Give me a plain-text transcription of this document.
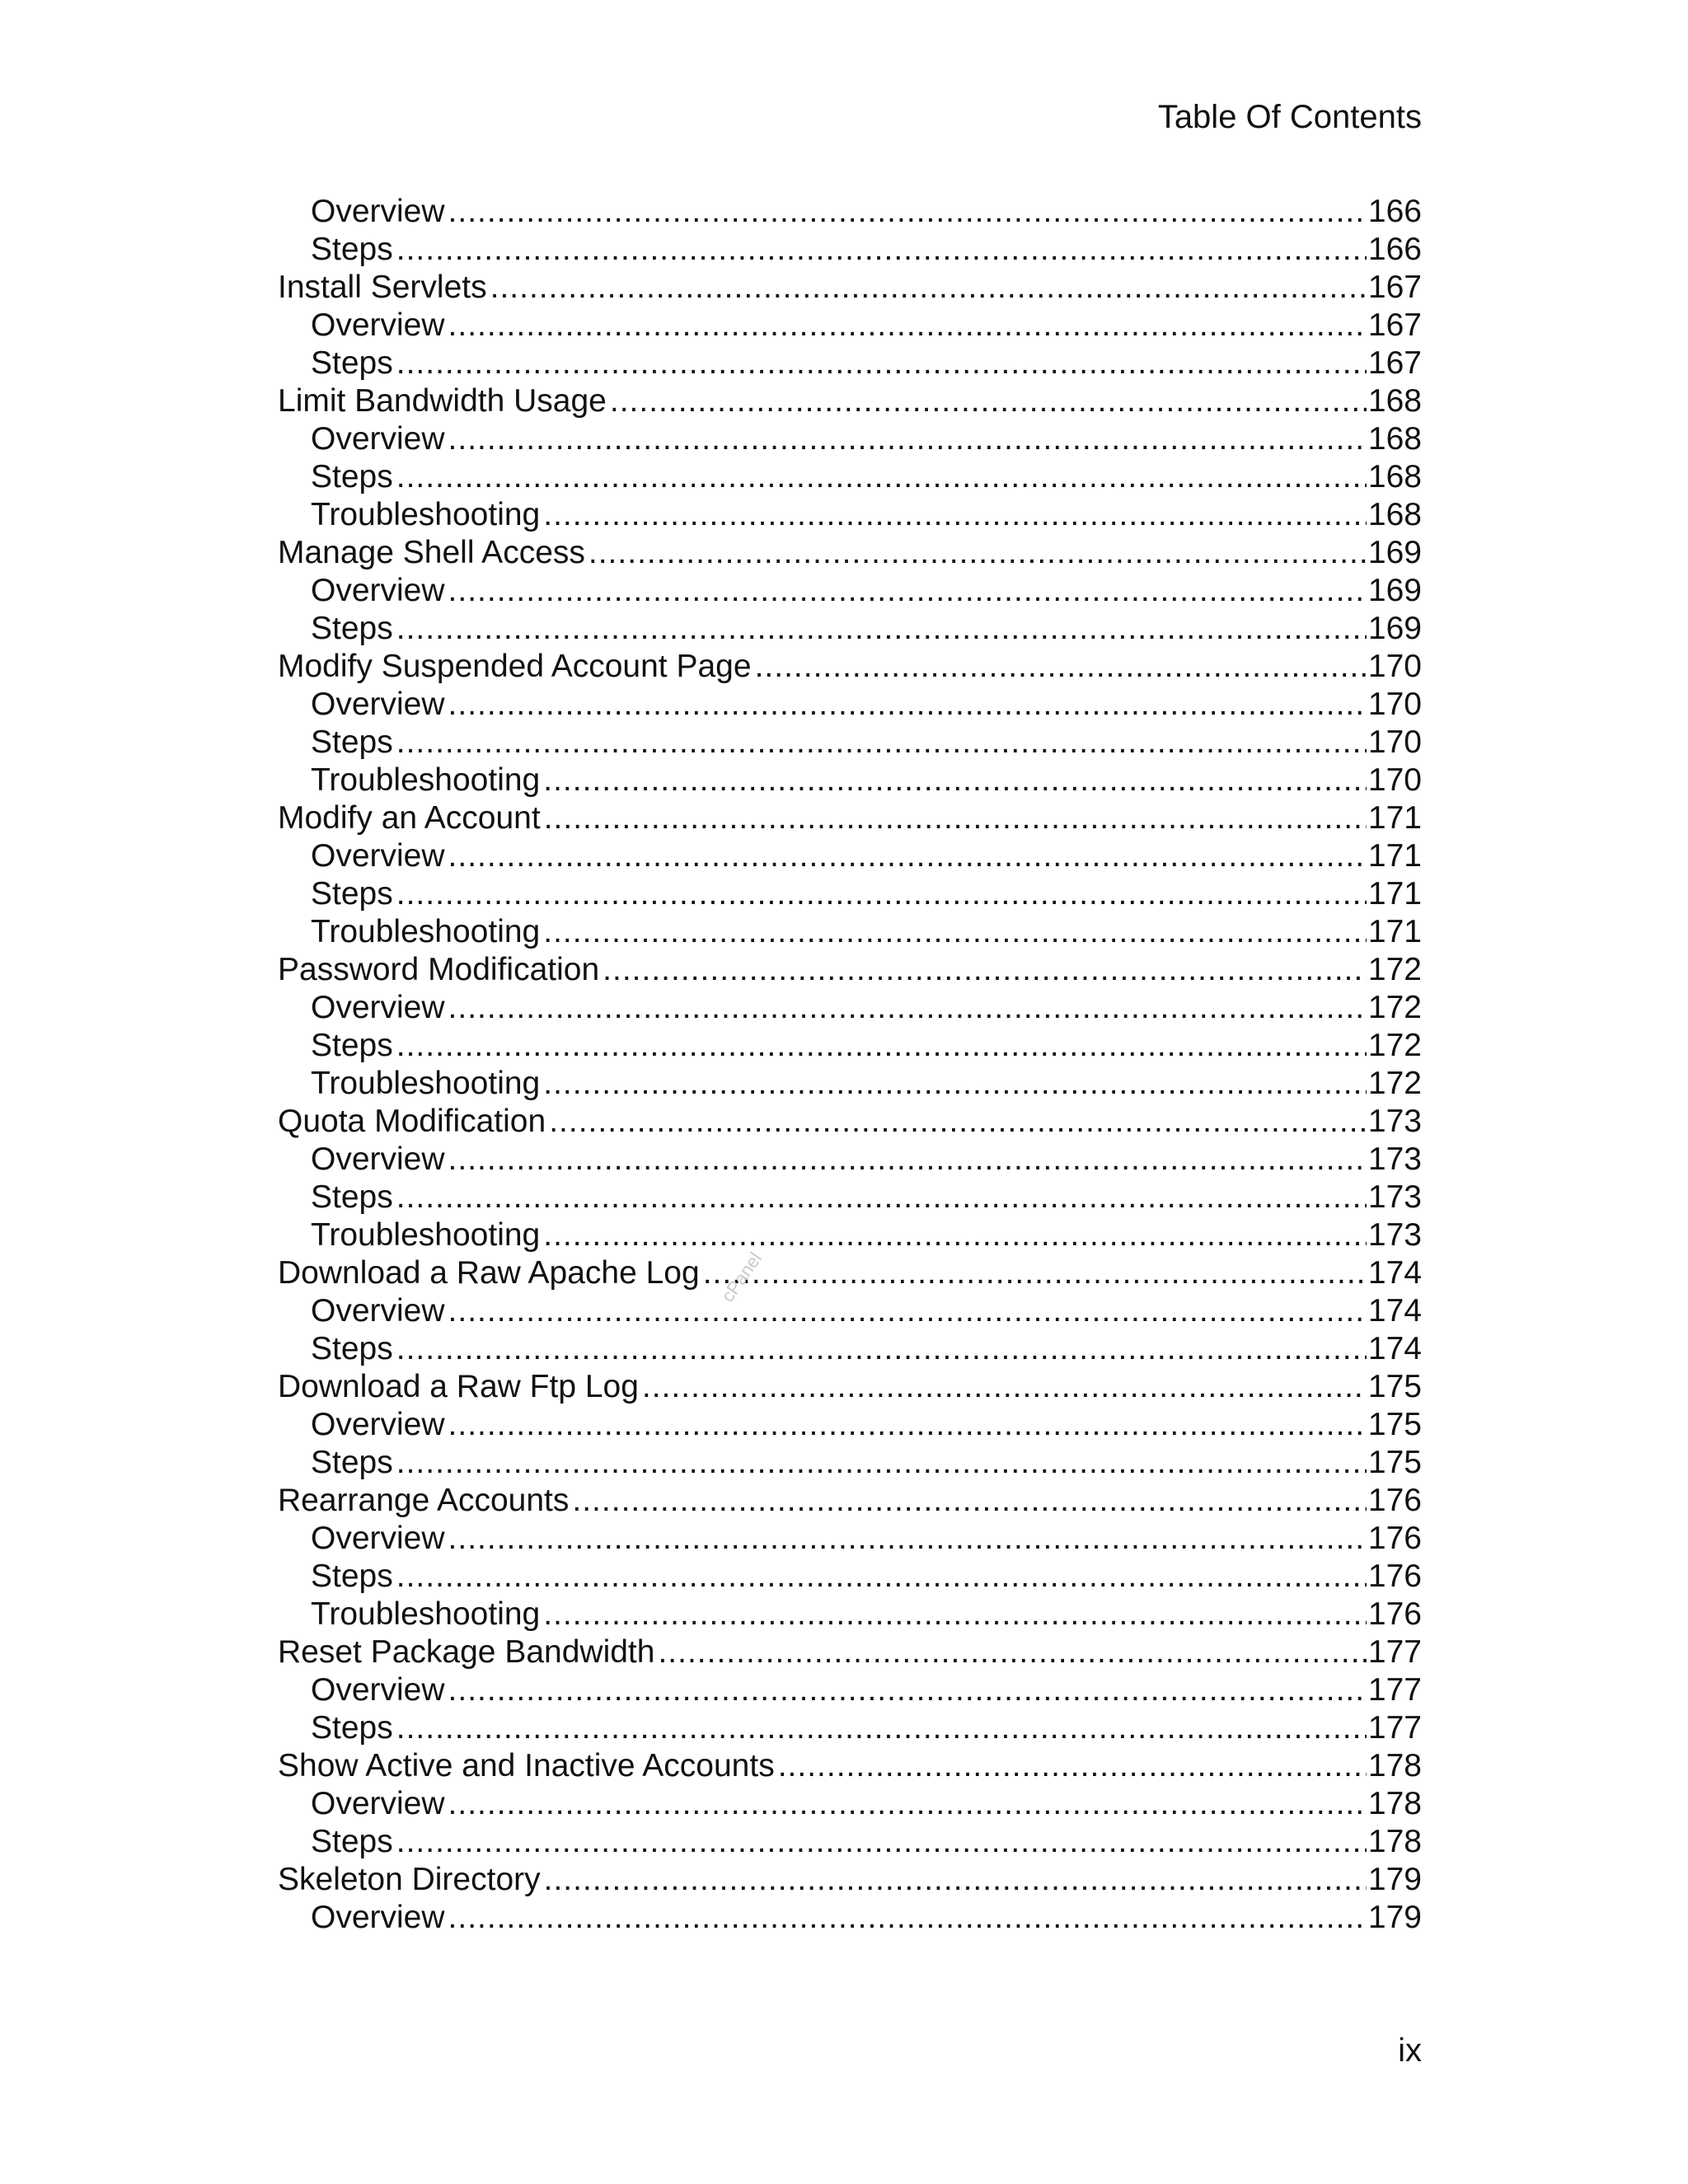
Table Of Contents
Overview .....	166
Steps .....	166
Install Servlets .....	167
Overview .....	167
Steps .....	167
Limit Bandwidth Usage .....	168
Overview .....	168
Steps .....	168
Troubleshooting .....	168
Manage Shell Access .....	169
Overview .....	169
Steps .....	169
Modify Suspended Account Page .....	170
Overview .....	170
Steps .....	170
Troubleshooting .....	170
Modify an Account .....	171
Overview .....	171
Steps .....	171
Troubleshooting .....	171
Password Modification .....	172
Overview .....	172
Steps .....	172
Troubleshooting .....	172
Quota Modification .....	173
Overview .....	173
Steps .....	173
Troubleshooting .....	173
Download a Raw Apache Log .....	174
Overview .....	174
Steps .....	174
Download a Raw Ftp Log .....	175
Overview .....	175
Steps .....	175
Rearrange Accounts .....	176
Overview .....	176
Steps .....	176
Troubleshooting .....	176
Reset Package Bandwidth .....	177
Overview .....	177
Steps .....	177
Show Active and Inactive Accounts .....	178
Overview .....	178
Steps .....	178
Skeleton Directory .....	179
Overview .....	179
cPanel
ix
